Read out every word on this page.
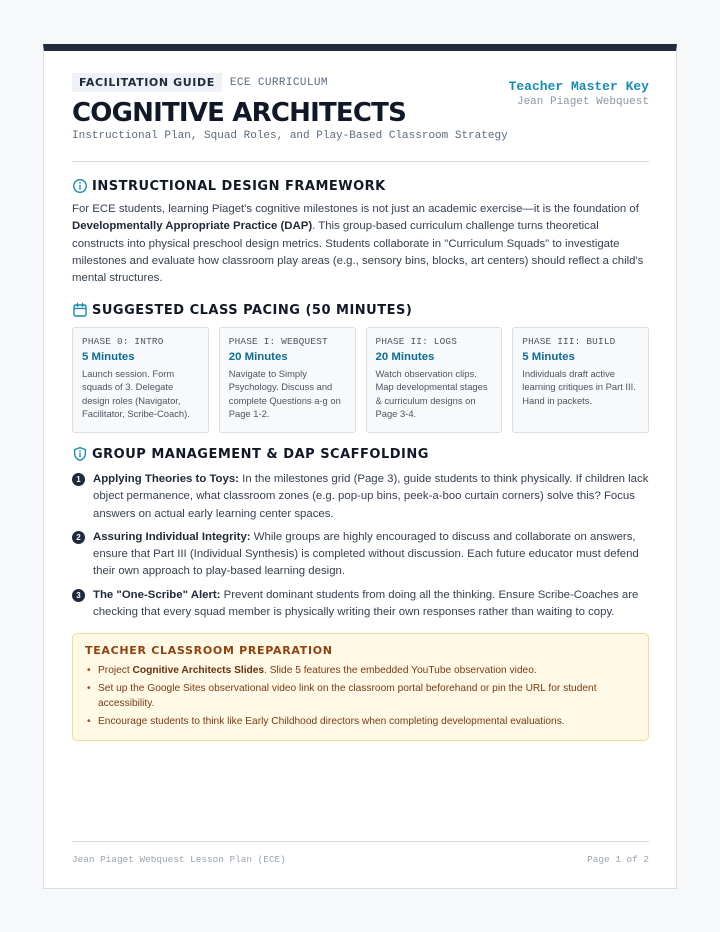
FACILITATION GUIDE	ECE CURRICULUM
COGNITIVE ARCHITECTS
Instructional Plan, Squad Roles, and Play-Based Classroom Strategy
Teacher Master Key
Jean Piaget Webquest
INSTRUCTIONAL DESIGN FRAMEWORK
For ECE students, learning Piaget's cognitive milestones is not just an academic exercise—it is the foundation of Developmentally Appropriate Practice (DAP). This group-based curriculum challenge turns theoretical constructs into physical preschool design metrics. Students collaborate in "Curriculum Squads" to investigate milestones and evaluate how classroom play areas (e.g., sensory bins, blocks, art centers) should reflect a child's mental structures.
SUGGESTED CLASS PACING (50 MINUTES)
PHASE 0: INTRO
5 Minutes
Launch session. Form squads of 3. Delegate design roles (Navigator, Facilitator, Scribe-Coach).
PHASE I: WEBQUEST
20 Minutes
Navigate to Simply Psychology. Discuss and complete Questions a-g on Page 1-2.
PHASE II: LOGS
20 Minutes
Watch observation clips. Map developmental stages & curriculum designs on Page 3-4.
PHASE III: BUILD
5 Minutes
Individuals draft active learning critiques in Part III. Hand in packets.
GROUP MANAGEMENT & DAP SCAFFOLDING
1	Applying Theories to Toys: In the milestones grid (Page 3), guide students to think physically. If children lack object permanence, what classroom zones (e.g. pop-up bins, peek-a-boo curtain corners) solve this? Focus answers on actual early learning center spaces.
2	Assuring Individual Integrity: While groups are highly encouraged to discuss and collaborate on answers, ensure that Part III (Individual Synthesis) is completed without discussion. Each future educator must defend their own approach to play-based learning design.
3	The "One-Scribe" Alert: Prevent dominant students from doing all the thinking. Ensure Scribe-Coaches are checking that every squad member is physically writing their own responses rather than waiting to copy.
TEACHER CLASSROOM PREPARATION
• Project Cognitive Architects Slides. Slide 5 features the embedded YouTube observation video.
• Set up the Google Sites observational video link on the classroom portal beforehand or pin the URL for student accessibility.
• Encourage students to think like Early Childhood directors when completing developmental evaluations.
Jean Piaget Webquest Lesson Plan (ECE)	Page 1 of 2
